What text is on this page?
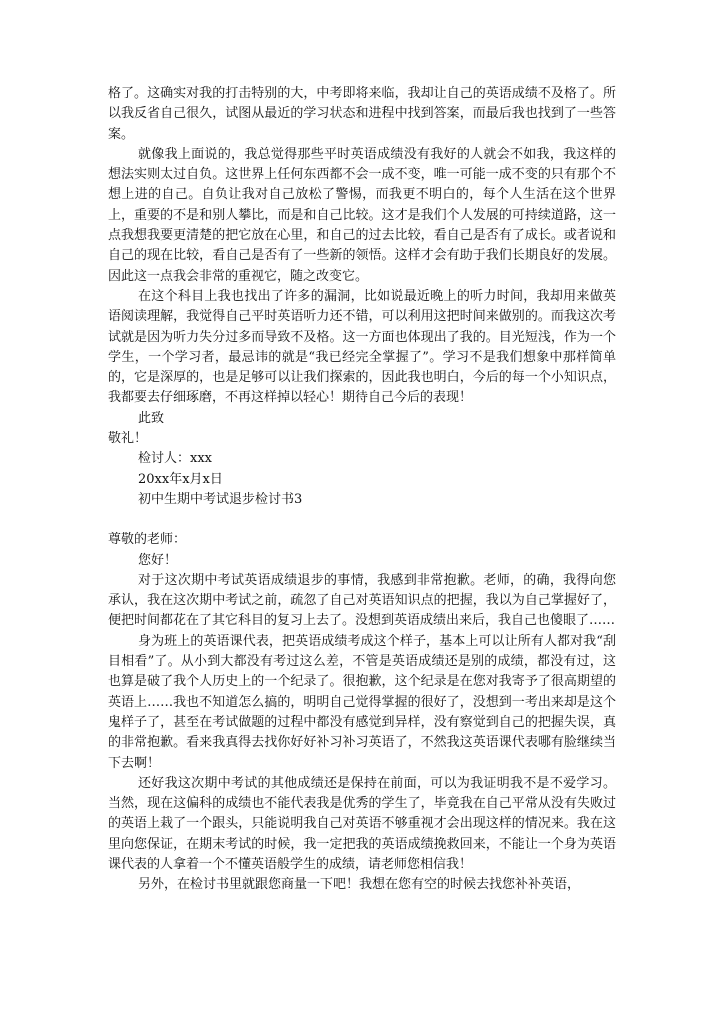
格了。这确实对我的打击特别的大，中考即将来临，我却让自己的英语成绩不及格了。所以我反省自己很久，试图从最近的学习状态和进程中找到答案，而最后我也找到了一些答案。

就像我上面说的，我总觉得那些平时英语成绩没有我好的人就会不如我，我这样的想法实则太过自负。这世界上任何东西都不会一成不变，唯一可能一成不变的只有那个不想上进的自己。自负让我对自己放松了警惕，而我更不明白的，每个人生活在这个世界上，重要的不是和别人攀比，而是和自己比较。这才是我们个人发展的可持续道路，这一点我想我要更清楚的把它放在心里，和自己的过去比较，看自己是否有了成长。或者说和自己的现在比较，看自己是否有了一些新的领悟。这样才会有助于我们长期良好的发展。因此这一点我会非常的重视它，随之改变它。

在这个科目上我也找出了许多的漏洞，比如说最近晚上的听力时间，我却用来做英语阅读理解，我觉得自己平时英语听力还不错，可以利用这把时间来做别的。而我这次考试就是因为听力失分过多而导致不及格。这一方面也体现出了我的。目光短浅，作为一个学生，一个学习者，最忌讳的就是“我已经完全掌握了”。学习不是我们想象中那样简单的，它是深厚的，也是足够可以让我们探索的，因此我也明白，今后的每一个小知识点，我都要去仔细琢磨，不再这样掉以轻心！期待自己今后的表现！

此致

敬礼！

检讨人：xxx

20xx年x月x日

初中生期中考试退步检讨书3

尊敬的老师：

您好！

对于这次期中考试英语成绩退步的事情，我感到非常抱歉。老师，的确，我得向您承认，我在这次期中考试之前，疏忽了自己对英语知识点的把握，我以为自己掌握好了，便把时间都花在了其它科目的复习上去了。没想到英语成绩出来后，我自己也傻眼了……

身为班上的英语课代表，把英语成绩考成这个样子，基本上可以让所有人都对我“刮目相看”了。从小到大都没有考过这么差，不管是英语成绩还是别的成绩，都没有过，这也算是破了我个人历史上的一个纪录了。很抱歉，这个纪录是在您对我寄予了很高期望的英语上……我也不知道怎么搞的，明明自己觉得掌握的很好了，没想到一考出来却是这个鬼样子了，甚至在考试做题的过程中都没有感觉到异样，没有察觉到自己的把握失误，真的非常抱歉。看来我真得去找你好好补习补习英语了，不然我这英语课代表哪有脸继续当下去啊！

还好我这次期中考试的其他成绩还是保持在前面，可以为我证明我不是不爱学习。当然，现在这偏科的成绩也不能代表我是优秀的学生了，毕竟我在自己平常从没有失败过的英语上栽了一个跟头，只能说明我自己对英语不够重视才会出现这样的情况来。我在这里向您保证，在期末考试的时候，我一定把我的英语成绩挽救回来，不能让一个身为英语课代表的人拿着一个不懂英语般学生的成绩，请老师您相信我！

另外，在检讨书里就跟您商量一下吧！我想在您有空的时候去找您补补英语，
